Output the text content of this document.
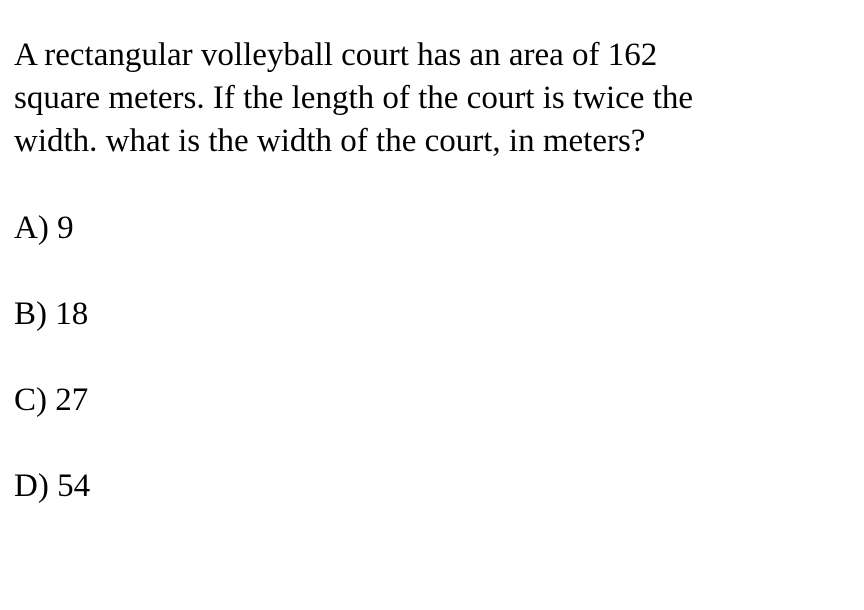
A rectangular volleyball court has an area of 162
square meters. If the length of the court is twice the
width. what is the width of the court, in meters?

A) 9
B) 18
C) 27
D) 54
